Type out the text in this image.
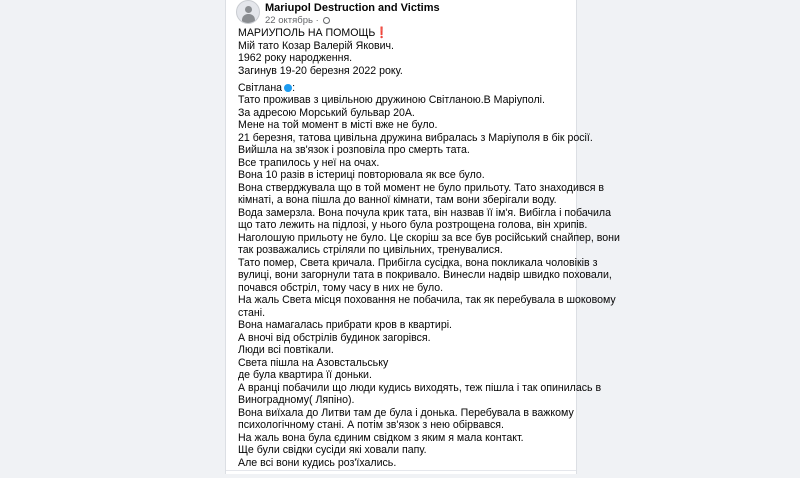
Mariupol Destruction and Victims
22 октябрь ·
МАРИУПОЛЬ НА ПОМОЩЬ❗
Мій тато Козар Валерій Якович.
1962 року народження.
Загинув 19-20 березня 2022 року.
Світлана :
Тато проживав з цивільною дружиною Світланою.В Маріуполі.
За адресою Морський бульвар 20А.
Мене на той момент в місті вже не було.
21 березня, татова цивільна дружина вибралась з Маріуполя в бік росії.
Вийшла на зв'язок і розповіла про смерть тата.
Все трапилось у неї на очах.
Вона 10 разів в істериці повторювала як все було.
Вона стверджувала що в той момент не було прильоту. Тато знаходився в
кімнаті, а вона пішла до ванної кімнати, там вони зберігали воду.
Вода замерзла. Вона почула крик тата, він назвав її ім'я. Вибігла і побачила
що тато лежить на підлозі, у нього була розтрощена голова, він хрипів.
Наголошую прильоту не було. Це скоріш за все був російський снайпер, вони
так розважались стріляли по цивільних, тренувалися.
Тато помер, Света кричала. Прибігла сусідка, вона покликала чоловіків з
вулиці, вони загорнули тата в покривало. Винесли надвір швидко поховали,
почався обстріл, тому часу в них не було.
На жаль Света місця поховання не побачила, так як перебувала в шоковому
стані.
Вона намагалась прибрати кров в квартирі.
А вночі від обстрілів будинок загорівся.
Люди всі повтікали.
Света пішла на Азовстальську
де була квартира її доньки.
А вранці побачили що люди кудись виходять, теж пішла і так опинилась в
Виноградному( Ляпіно).
Вона виїхала до Литви там де була і донька. Перебувала в важкому
психологічному стані. А потім зв'язок з нею обірвався.
На жаль вона була єдиним свідком з яким я мала контакт.
Ще були свідки сусіди які ховали папу.
Але всі вони кудись роз'їхались.
